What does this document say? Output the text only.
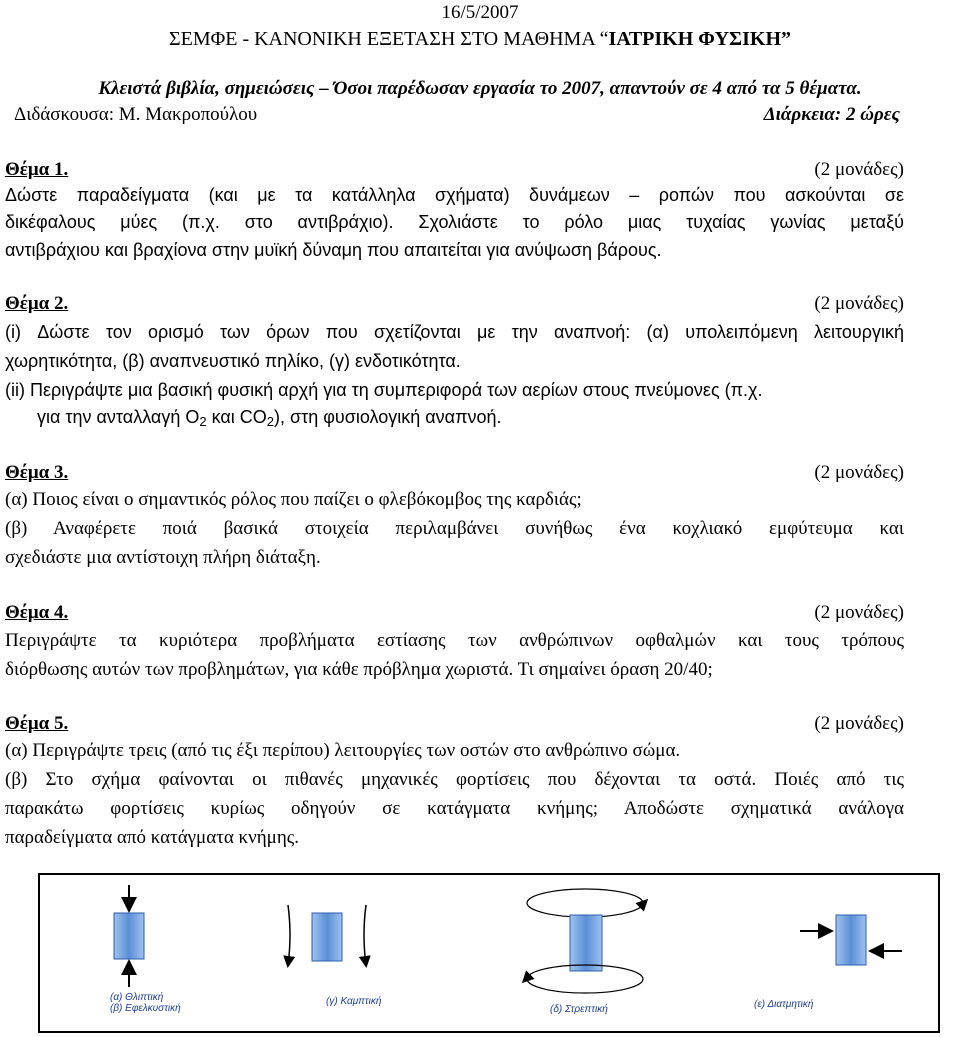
16/5/2007
ΣΕΜΦΕ - ΚΑΝΟΝΙΚΗ ΕΞΕΤΑΣΗ ΣΤΟ ΜΑΘΗΜΑ “ΙΑΤΡΙΚΗ ΦΥΣΙΚΗ”
Κλειστά βιβλία, σημειώσεις – Όσοι παρέδωσαν εργασία το 2007, απαντούν σε 4 από τα 5 θέματα.
Διδάσκουσα: Μ. Μακροπούλου	Διάρκεια: 2 ώρες
Θέμα 1.	(2 μονάδες)
Δώστε παραδείγματα (και με τα κατάλληλα σχήματα) δυνάμεων – ροπών που ασκούνται σε
δικέφαλους μύες (π.χ. στο αντιβράχιο). Σχολιάστε το ρόλο μιας τυχαίας γωνίας μεταξύ
αντιβράχιου και βραχίονα στην μυϊκή δύναμη που απαιτείται για ανύψωση βάρους.
Θέμα 2.	(2 μονάδες)
(i) Δώστε τον ορισμό των όρων που σχετίζονται με την αναπνοή: (α) υπολειπόμενη λειτουργική
χωρητικότητα, (β) αναπνευστικό πηλίκο, (γ) ενδοτικότητα.
(ii) Περιγράψτε μια βασική φυσική αρχή για τη συμπεριφορά των αερίων στους πνεύμονες (π.χ.
για την ανταλλαγή $O_2$ και $CO_2$), στη φυσιολογική αναπνοή.
Θέμα 3.	(2 μονάδες)
(α) Ποιος είναι ο σημαντικός ρόλος που παίζει ο φλεβόκομβος της καρδιάς;
(β) Αναφέρετε ποιά βασικά στοιχεία περιλαμβάνει συνήθως ένα κοχλιακό εμφύτευμα και
σχεδιάστε μια αντίστοιχη πλήρη διάταξη.
Θέμα 4.	(2 μονάδες)
Περιγράψτε τα κυριότερα προβλήματα εστίασης των ανθρώπινων οφθαλμών και τους τρόπους
διόρθωσης αυτών των προβλημάτων, για κάθε πρόβλημα χωριστά. Τι σημαίνει όραση 20/40;
Θέμα 5.	(2 μονάδες)
(α) Περιγράψτε τρεις (από τις έξι περίπου) λειτουργίες των οστών στο ανθρώπινο σώμα.
(β) Στο σχήμα φαίνονται οι πιθανές μηχανικές φορτίσεις που δέχονται τα οστά. Ποιές από τις
παρακάτω φορτίσεις κυρίως οδηγούν σε κατάγματα κνήμης; Αποδώστε σχηματικά ανάλογα
παραδείγματα από κατάγματα κνήμης.
(α) Θλιπτική
(β) Εφελκυστική
(γ) Καμπτική
(δ) Στρεπτική	(ε) Διατμητική
